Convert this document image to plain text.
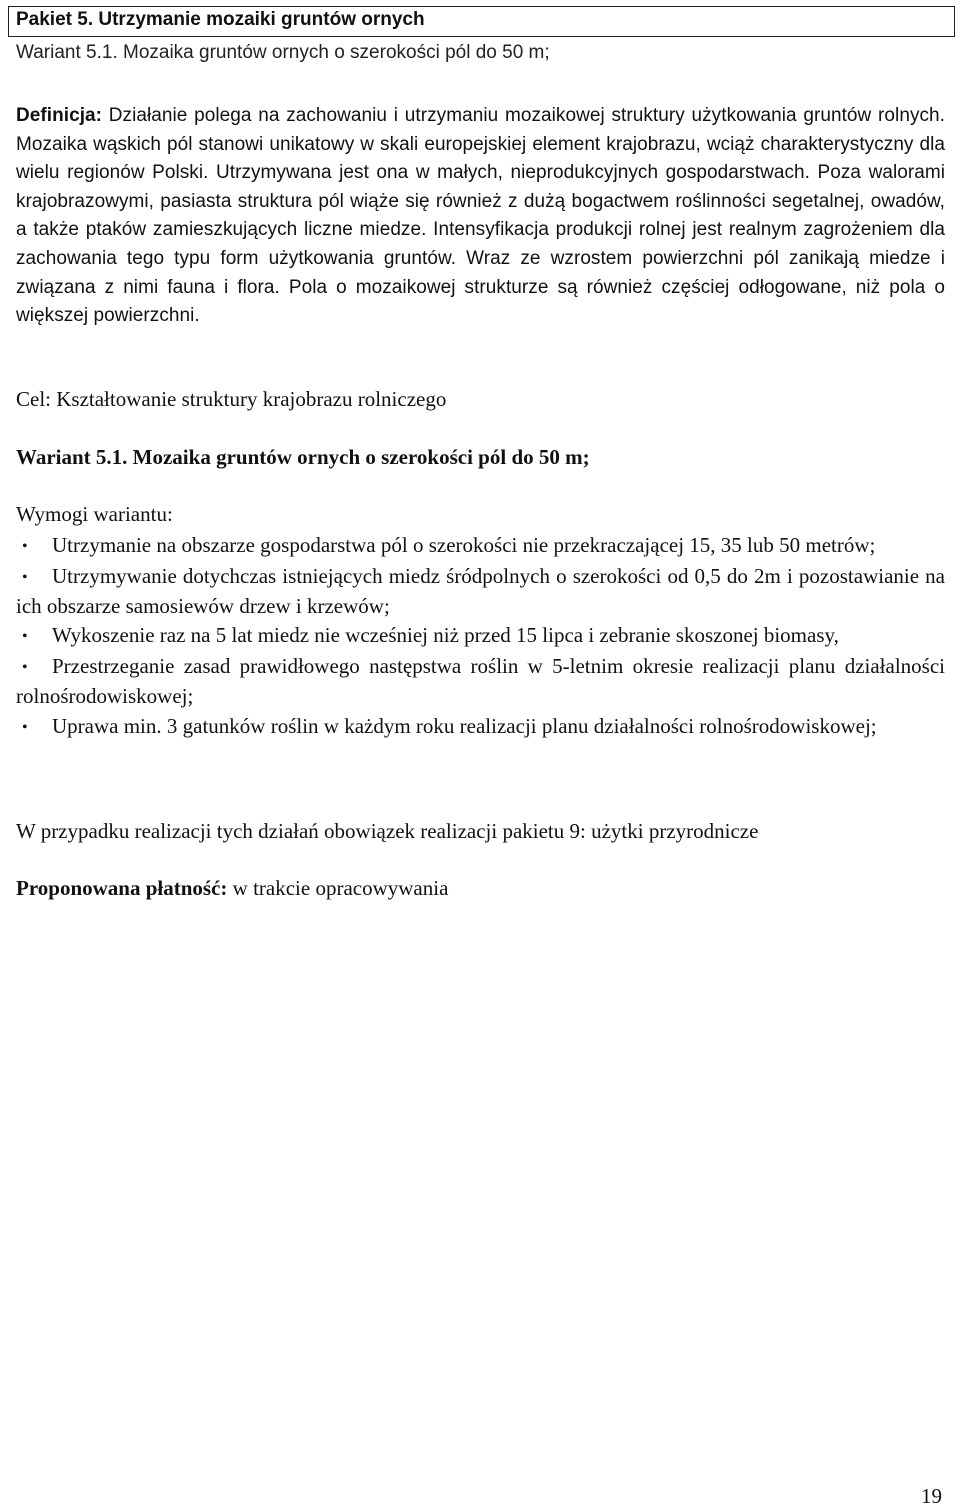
Pakiet 5. Utrzymanie mozaiki gruntów ornych
Wariant 5.1. Mozaika gruntów ornych o szerokości pól do 50 m;

Definicja: Działanie polega na zachowaniu i utrzymaniu mozaikowej struktury użytkowania gruntów rolnych. Mozaika wąskich pól stanowi unikatowy w skali europejskiej element krajobrazu, wciąż charakterystyczny dla wielu regionów Polski. Utrzymywana jest ona w małych, nieprodukcyjnych gospodarstwach. Poza walorami krajobrazowymi, pasiasta struktura pól wiąże się również z dużą bogactwem roślinności segetalnej, owadów, a także ptaków zamieszkujących liczne miedze. Intensyfikacja produkcji rolnej jest realnym zagrożeniem dla zachowania tego typu form użytkowania gruntów. Wraz ze wzrostem powierzchni pól zanikają miedze i związana z nimi fauna i flora. Pola o mozaikowej strukturze są również częściej odłogowane, niż pola o większej powierzchni.

Cel: Kształtowanie struktury krajobrazu rolniczego
Wariant 5.1. Mozaika gruntów ornych o szerokości pól do 50 m;
Wymogi wariantu:
• Utrzymanie na obszarze gospodarstwa pól o szerokości nie przekraczającej 15, 35 lub 50 metrów;
• Utrzymywanie dotychczas istniejących miedz śródpolnych o szerokości od 0,5 do 2m i pozostawianie na ich obszarze samosiewów drzew i krzewów;
• Wykoszenie raz na 5 lat miedz nie wcześniej niż przed 15 lipca i zebranie skoszonej biomasy,
• Przestrzeganie zasad prawidłowego następstwa roślin w 5-letnim okresie realizacji planu działalności rolnośrodowiskowej;
• Uprawa min. 3 gatunków roślin w każdym roku realizacji planu działalności rolnośrodowiskowej;
W przypadku realizacji tych działań obowiązek realizacji pakietu 9: użytki przyrodnicze
Proponowana płatność: w trakcie opracowywania
19
